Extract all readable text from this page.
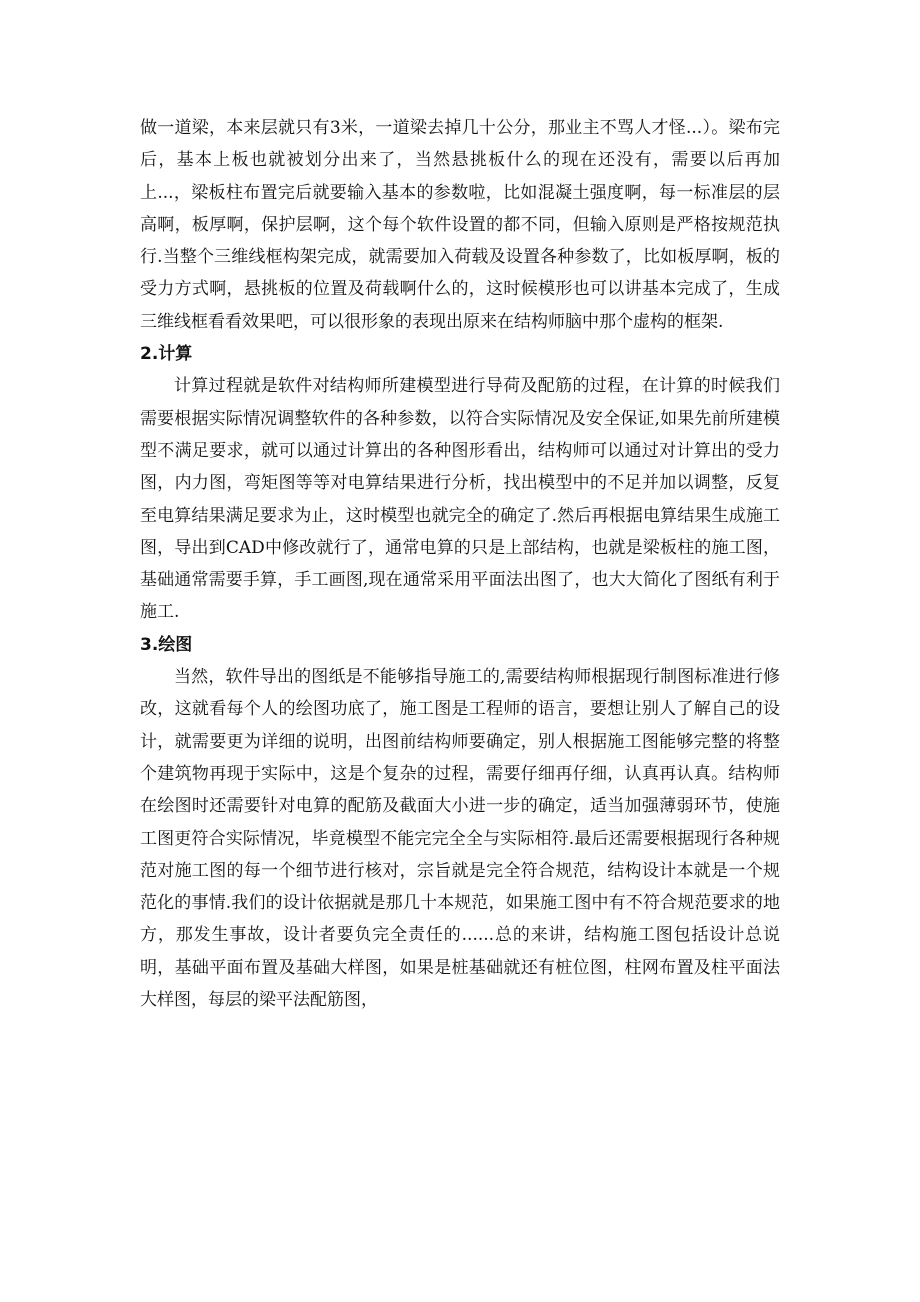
做一道梁，本来层就只有3米，一道梁去掉几十公分，那业主不骂人才怪...）。梁布完后，基本上板也就被划分出来了，当然悬挑板什么的现在还没有，需要以后再加上...，梁板柱布置完后就要输入基本的参数啦，比如混凝土强度啊，每一标准层的层高啊，板厚啊，保护层啊，这个每个软件设置的都不同，但输入原则是严格按规范执行.当整个三维线框构架完成，就需要加入荷载及设置各种参数了，比如板厚啊，板的受力方式啊，悬挑板的位置及荷载啊什么的，这时候模形也可以讲基本完成了，生成三维线框看看效果吧，可以很形象的表现出原来在结构师脑中那个虚构的框架.

2.计算

计算过程就是软件对结构师所建模型进行导荷及配筋的过程，在计算的时候我们需要根据实际情况调整软件的各种参数，以符合实际情况及安全保证,如果先前所建模型不满足要求，就可以通过计算出的各种图形看出，结构师可以通过对计算出的受力图，内力图，弯矩图等等对电算结果进行分析，找出模型中的不足并加以调整，反复至电算结果满足要求为止，这时模型也就完全的确定了.然后再根据电算结果生成施工图，导出到CAD中修改就行了，通常电算的只是上部结构，也就是梁板柱的施工图，基础通常需要手算，手工画图,现在通常采用平面法出图了，也大大简化了图纸有利于施工.

3.绘图

当然，软件导出的图纸是不能够指导施工的,需要结构师根据现行制图标准进行修改，这就看每个人的绘图功底了，施工图是工程师的语言，要想让别人了解自己的设计，就需要更为详细的说明，出图前结构师要确定，别人根据施工图能够完整的将整个建筑物再现于实际中，这是个复杂的过程，需要仔细再仔细，认真再认真。结构师在绘图时还需要针对电算的配筋及截面大小进一步的确定，适当加强薄弱环节，使施工图更符合实际情况，毕竟模型不能完完全全与实际相符.最后还需要根据现行各种规范对施工图的每一个细节进行核对，宗旨就是完全符合规范，结构设计本就是一个规范化的事情.我们的设计依据就是那几十本规范，如果施工图中有不符合规范要求的地方，那发生事故，设计者要负完全责任的......总的来讲，结构施工图包括设计总说明，基础平面布置及基础大样图，如果是桩基础就还有桩位图，柱网布置及柱平面法大样图，每层的梁平法配筋图，
